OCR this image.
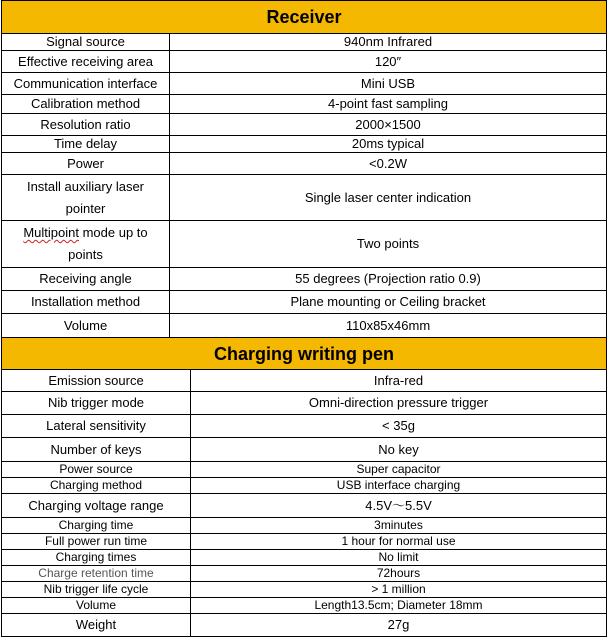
Receiver	
Signal source	940nm Infrared
Effective receiving area	120″
Communication interface	Mini USB
Calibration method	4-point fast sampling
Resolution ratio	2000×1500
Time delay	20ms typical
Power	<0.2W
Install auxiliary laser pointer	Single laser center indication
Multipoint mode up to points	Two points
Receiving angle	55 degrees (Projection ratio 0.9)
Installation method	Plane mounting or Ceiling bracket
Volume	110x85x46mm
Charging writing pen	
Emission source	Infra-red
Nib trigger mode	Omni-direction pressure trigger
Lateral sensitivity	< 35g
Number of keys	No key
Power source	Super capacitor
Charging method	USB interface charging
Charging voltage range	4.5V～5.5V
Charging time	3minutes
Full power run time	1 hour for normal use
Charging times	No limit
Charge retention time	72hours
Nib trigger life cycle	> 1 million
Volume	Length13.5cm; Diameter 18mm
Weight	27g
